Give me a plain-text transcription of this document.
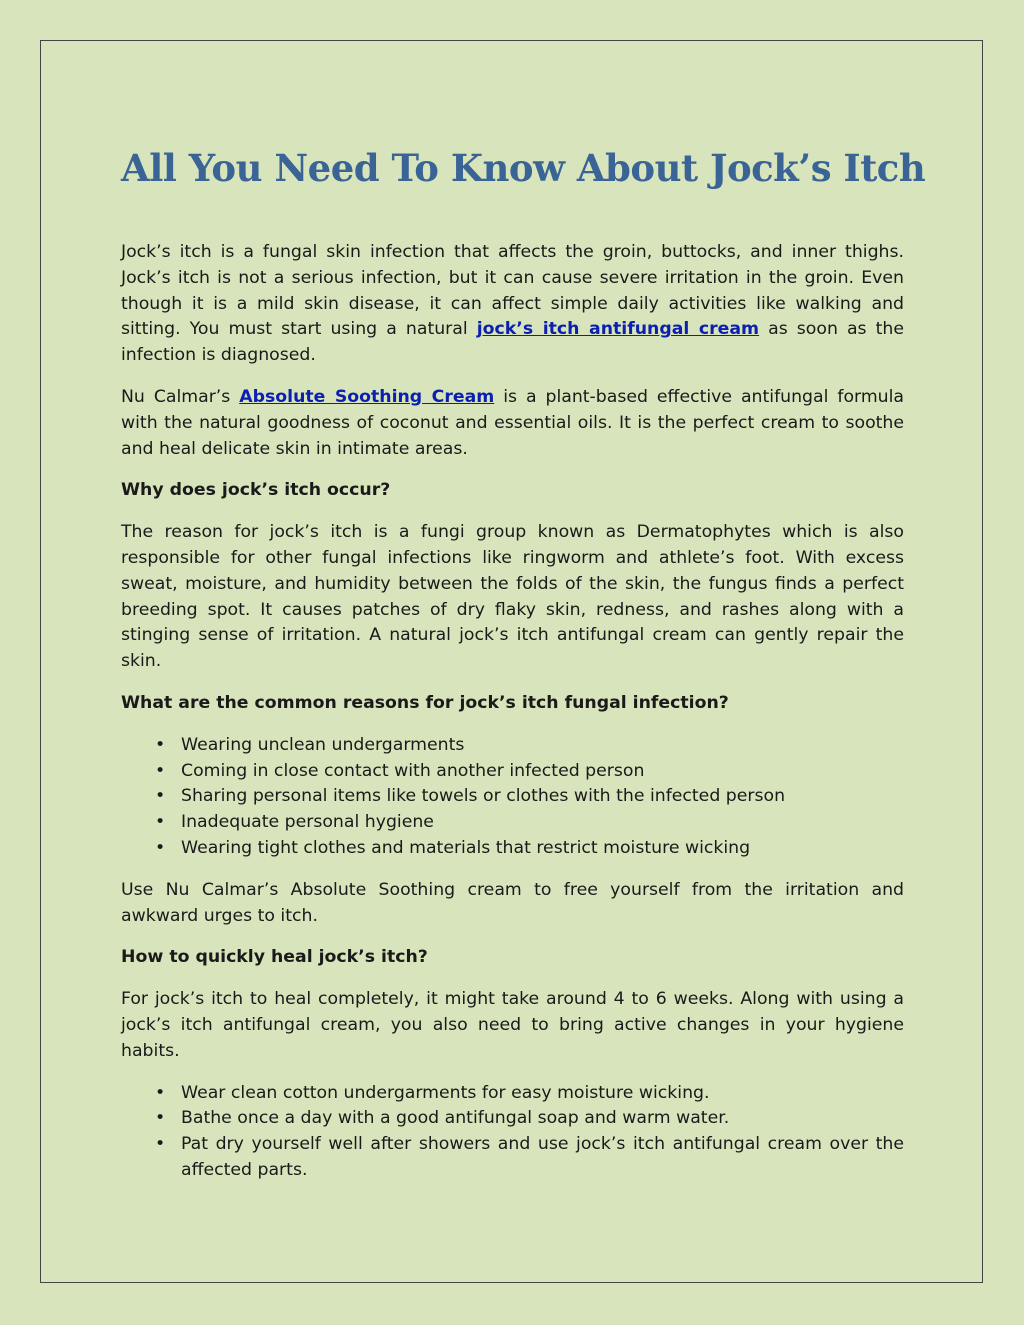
All You Need To Know About Jock’s Itch

Jock’s itch is a fungal skin infection that affects the groin, buttocks, and inner thighs. Jock’s itch is not a serious infection, but it can cause severe irritation in the groin. Even though it is a mild skin disease, it can affect simple daily activities like walking and sitting. You must start using a natural jock’s itch antifungal cream as soon as the infection is diagnosed.

Nu Calmar’s Absolute Soothing Cream is a plant-based effective antifungal formula with the natural goodness of coconut and essential oils. It is the perfect cream to soothe and heal delicate skin in intimate areas.

Why does jock’s itch occur?

The reason for jock’s itch is a fungi group known as Dermatophytes which is also responsible for other fungal infections like ringworm and athlete’s foot. With excess sweat, moisture, and humidity between the folds of the skin, the fungus finds a perfect breeding spot. It causes patches of dry flaky skin, redness, and rashes along with a stinging sense of irritation. A natural jock’s itch antifungal cream can gently repair the skin.

What are the common reasons for jock’s itch fungal infection?
• Wearing unclean undergarments
• Coming in close contact with another infected person
• Sharing personal items like towels or clothes with the infected person
• Inadequate personal hygiene
• Wearing tight clothes and materials that restrict moisture wicking

Use Nu Calmar’s Absolute Soothing cream to free yourself from the irritation and awkward urges to itch.

How to quickly heal jock’s itch?

For jock’s itch to heal completely, it might take around 4 to 6 weeks. Along with using a jock’s itch antifungal cream, you also need to bring active changes in your hygiene habits.

• Wear clean cotton undergarments for easy moisture wicking.
• Bathe once a day with a good antifungal soap and warm water.
• Pat dry yourself well after showers and use jock’s itch antifungal cream over the affected parts.
